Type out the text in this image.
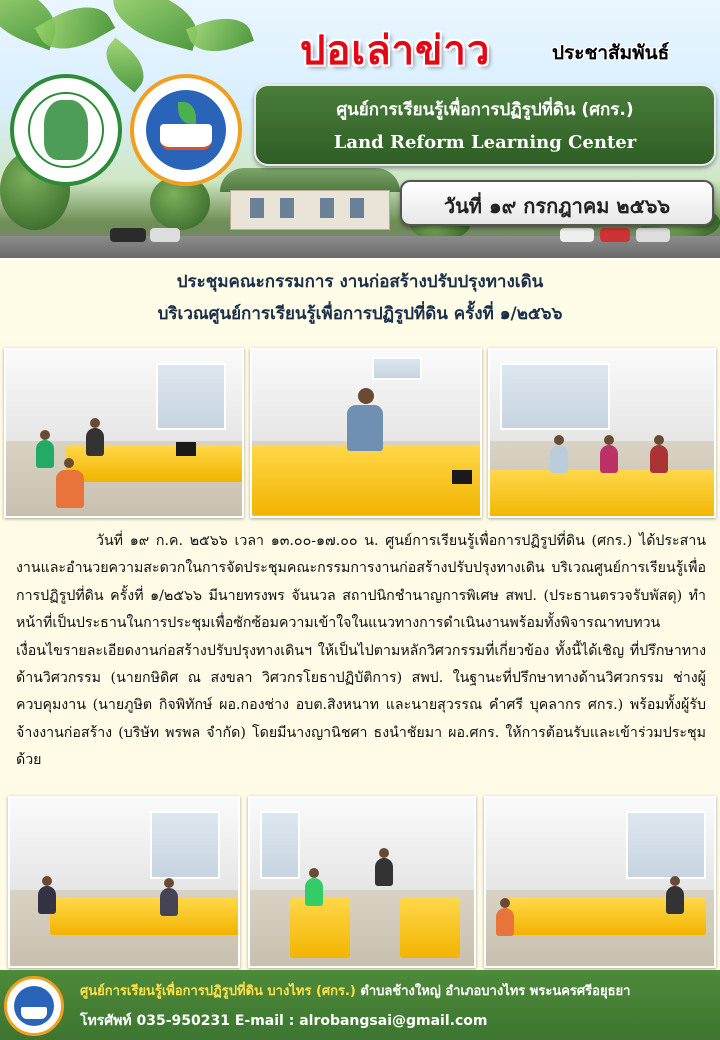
ปอเล่าข่าว	ประชาสัมพันธ์
ศูนย์การเรียนรู้เพื่อการปฏิรูปที่ดิน (ศกร.)
Land Reform Learning Center
วันที่ ๑๙ กรกฎาคม ๒๕๖๖
ประชุมคณะกรรมการ งานก่อสร้างปรับปรุงทางเดิน
บริเวณศูนย์การเรียนรู้เพื่อการปฏิรูปที่ดิน ครั้งที่ ๑/๒๕๖๖

วันที่ ๑๙ ก.ค. ๒๕๖๖ เวลา ๑๓.๐๐-๑๗.๐๐ น. ศูนย์การเรียนรู้เพื่อการปฏิรูปที่ดิน (ศกร.) ได้ประสานงานและอำนวยความสะดวกในการจัดประชุมคณะกรรมการงานก่อสร้างปรับปรุงทางเดิน บริเวณศูนย์การเรียนรู้เพื่อการปฏิรูปที่ดิน ครั้งที่ ๑/๒๕๖๖ มีนายทรงพร จันนวล สถาปนิกชำนาญการพิเศษ สพป. (ประธานตรวจรับพัสดุ) ทำหน้าที่เป็นประธานในการประชุมเพื่อซักซ้อมความเข้าใจในแนวทางการดำเนินงานพร้อมทั้งพิจารณาทบทวนเงื่อนไขรายละเอียดงานก่อสร้างปรับปรุงทางเดินฯ ให้เป็นไปตามหลักวิศวกรรมที่เกี่ยวข้อง ทั้งนี้ได้เชิญ ที่ปรึกษาทางด้านวิศวกรรม (นายกษิดิศ ณ สงขลา วิศวกรโยธาปฏิบัติการ) สพป. ในฐานะที่ปรึกษาทางด้านวิศวกรรม ช่างผู้ควบคุมงาน (นายภูษิต กิจพิทักษ์ ผอ.กองช่าง อบต.สิงหนาท และนายสุวรรณ คำศรี บุคลากร ศกร.) พร้อมทั้งผู้รับจ้างงานก่อสร้าง (บริษัท พรพล จำกัด) โดยมีนางญานิชศา ธงนำชัยมา ผอ.ศกร. ให้การต้อนรับและเข้าร่วมประชุมด้วย

ศูนย์การเรียนรู้เพื่อการปฏิรูปที่ดิน บางไทร (ศกร.) ตำบลช้างใหญ่ อำเภอบางไทร พระนครศรีอยุธยา
โทรศัพท์ 035-950231 E-mail : alrobangsai@gmail.com
